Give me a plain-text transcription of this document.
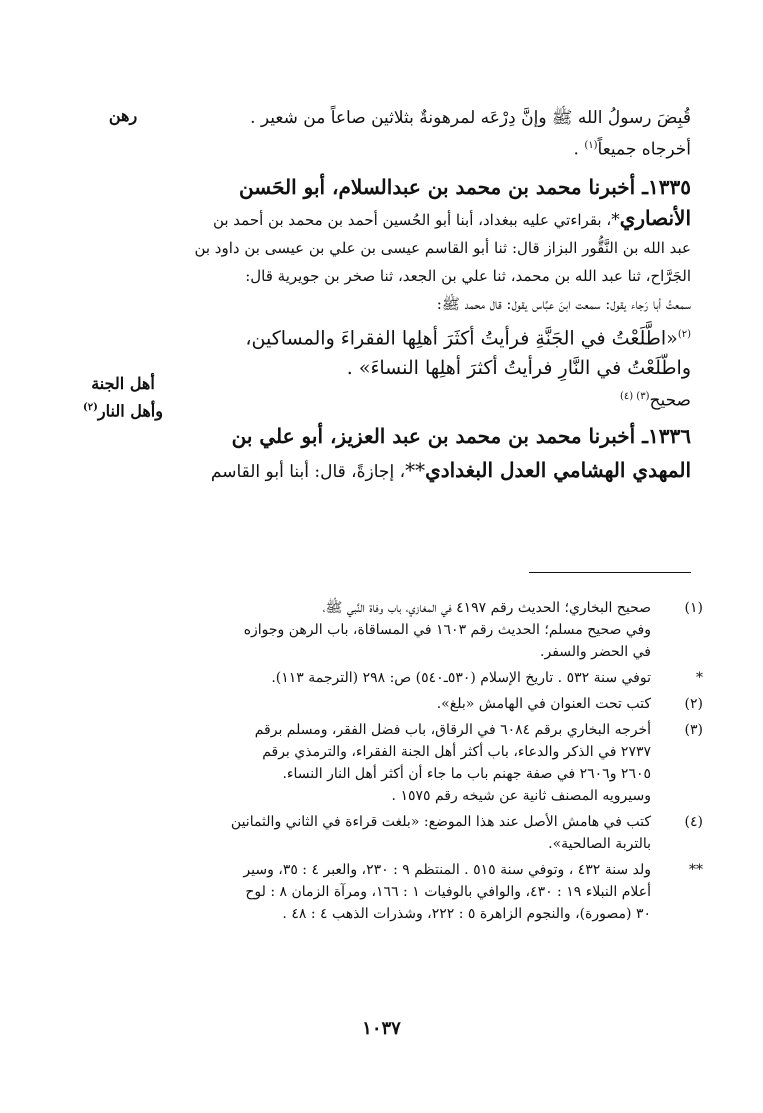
رهن
أهل الجنة
وأهل النار$^{(٢)}$
قُبِضَ رسولُ الله ﷺ وإنَّ دِرْعَه لمرهونةٌ بثلاثين صاعاً من شعير .
أخرجاه جميعاً$^{(١)}$ .
١٣٣٥ـ أخبرنا محمد بن محمد بن عبدالسلام، أبو الحَسن
الأنصاري*، بقراءتي عليه ببغداد، أبنا أبو الحُسين أحمد بن محمد بن أحمد بن
عبد الله بن النَّقُّور البزاز قال: ثنا أبو القاسم عيسى بن علي بن عيسى بن داود بن
الجَرَّاح، ثنا عبد الله بن محمد، ثنا علي بن الجعد، ثنا صخر بن جويرية قال:
سمعتُ أبا رَجاء يقول: سمعت ابنَ عبَّاس يقول: قال محمد ﷺ:
$^{(٢)}$«اطَّلَعْتُ في الجَنَّةِ فرأيتُ أكثَرَ أهلِها الفقراءَ والمساكين،
واطَّلَعْتُ في النَّارِ فرأيتُ أكثرَ أهلِها النساءَ» .
صحيح$^{(٣) (٤)}$
١٣٣٦ـ أخبرنا محمد بن محمد بن عبد العزيز، أبو علي بن
المهدي الهشامي العدل البغدادي**، إجازةً، قال: أبنا أبو القاسم
(١)
صحيح البخاري؛ الحديث رقم ٤١٩٧ في المغازي، باب وفاة النَّبي ﷺ،
وفي صحيح مسلم؛ الحديث رقم ١٦٠٣ في المساقاة، باب الرهن وجوازه
في الحضر والسفر.
*
توفي سنة ٥٣٢ . تاريخ الإسلام (٥٣٠ـ٥٤٠) ص: ٢٩٨ (الترجمة ١١٣).
(٢)
كتب تحت العنوان في الهامش «بلغ».
(٣)
أخرجه البخاري برقم ٦٠٨٤ في الرقاق، باب فضل الفقر، ومسلم برقم
٢٧٣٧ في الذكر والدعاء، باب أكثر أهل الجنة الفقراء، والترمذي برقم
٢٦٠٥ و٢٦٠٦ في صفة جهنم باب ما جاء أن أكثر أهل النار النساء.
وسيرويه المصنف ثانية عن شيخه رقم ١٥٧٥ .
(٤)
كتب في هامش الأصل عند هذا الموضع: «بلغت قراءة في الثاني والثمانين
بالتربة الصالحية».
**
ولد سنة ٤٣٢ ، وتوفي سنة ٥١٥ . المنتظم ٩ : ٢٣٠، والعبر ٤ : ٣٥، وسير
أعلام النبلاء ١٩ : ٤٣٠، والوافي بالوفيات ١ : ١٦٦، ومرآة الزمان ٨ : لوح
٣٠ (مصورة)، والنجوم الزاهرة ٥ : ٢٢٢، وشذرات الذهب ٤ : ٤٨ .
١٠٣٧
